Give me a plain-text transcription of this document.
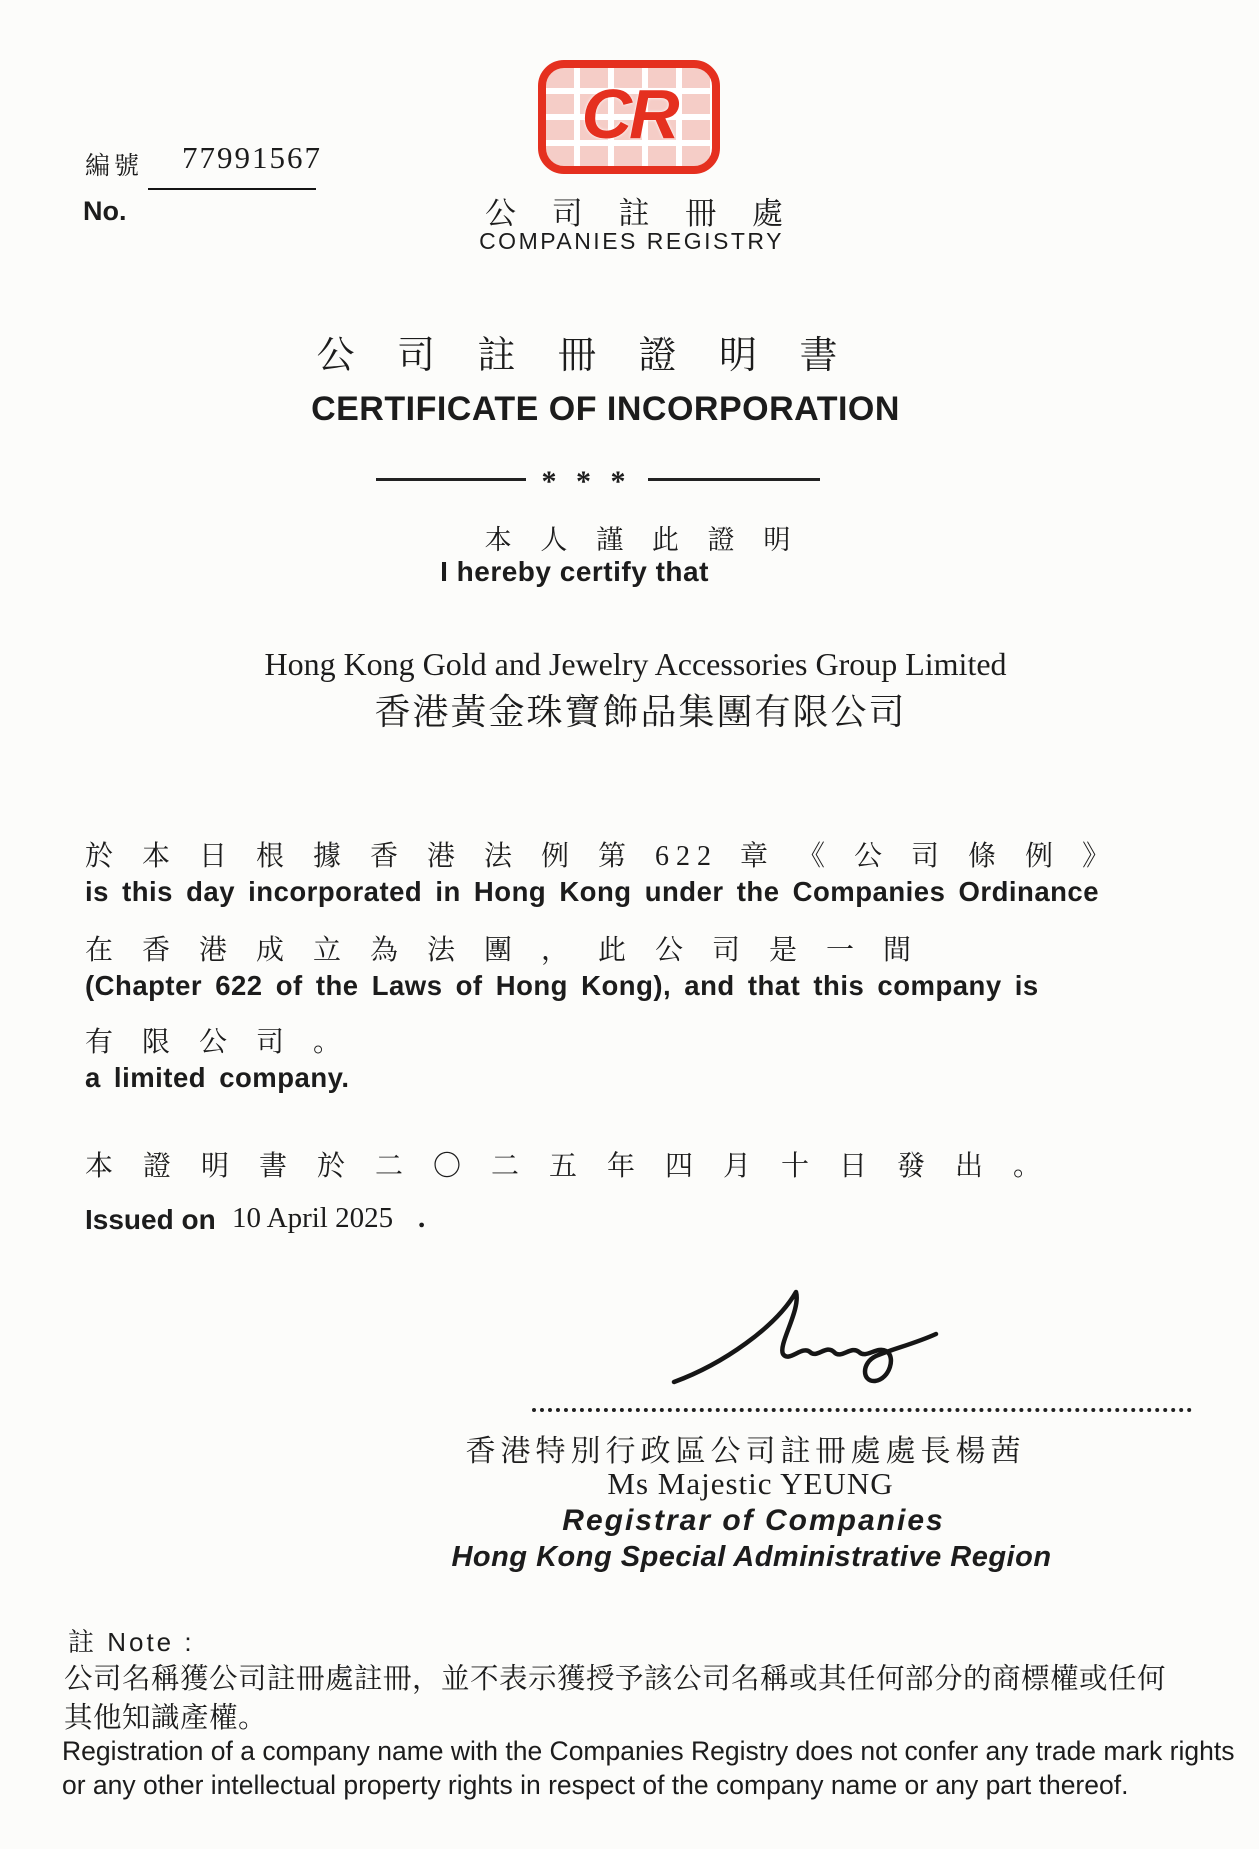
編號 77991567
No.
CR
公 司 註 冊 處
COMPANIES REGISTRY
公 司 註 冊 證 明 書
CERTIFICATE OF INCORPORATION
* * *
本 人 謹 此 證 明
I hereby certify that
Hong Kong Gold and Jewelry Accessories Group Limited
香港黃金珠寶飾品集團有限公司
於 本 日 根 據 香 港 法 例 第 622 章 《 公 司 條 例 》
is this day incorporated in Hong Kong under the Companies Ordinance
在 香 港 成 立 為 法 團 ， 此 公 司 是 一 間
(Chapter 622 of the Laws of Hong Kong), and that this company is
有 限 公 司 。
a limited company.
本 證 明 書 於 二 〇 二 五 年 四 月 十 日 發 出 。
Issued on 10 April 2025 .
香港特別行政區公司註冊處處長楊茜
Ms Majestic YEUNG
Registrar of Companies
Hong Kong Special Administrative Region
註 Note :
公司名稱獲公司註冊處註冊，並不表示獲授予該公司名稱或其任何部分的商標權或任何
其他知識產權。
Registration of a company name with the Companies Registry does not confer any trade mark rights
or any other intellectual property rights in respect of the company name or any part thereof.
